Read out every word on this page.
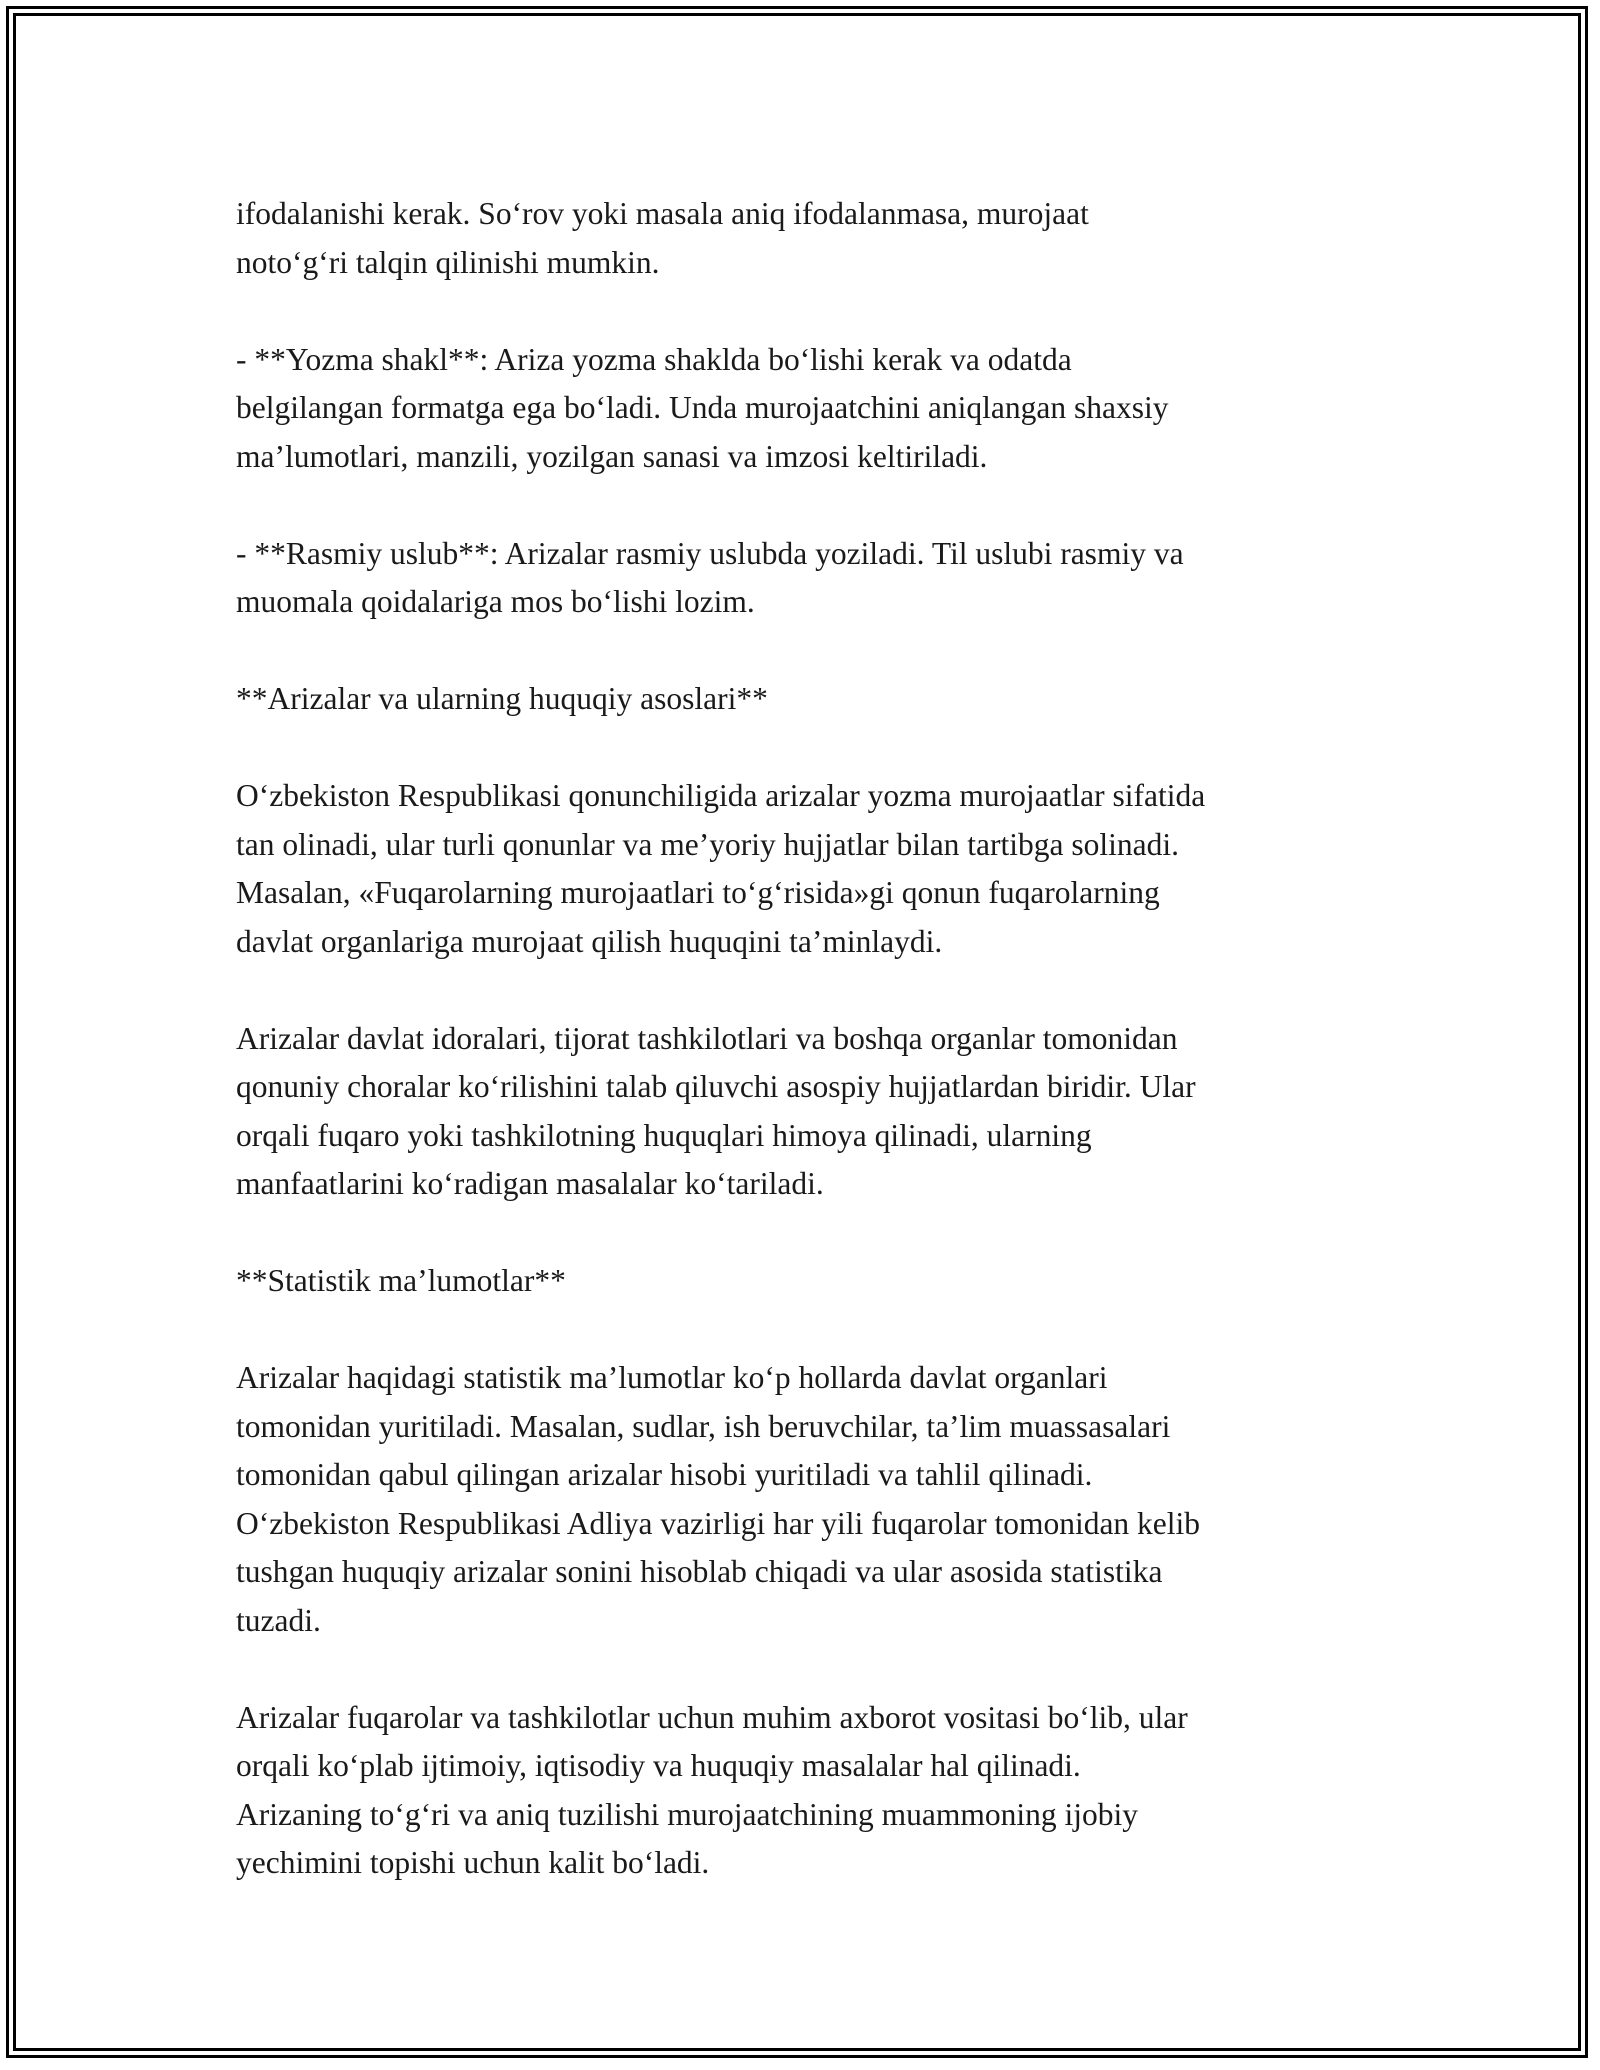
ifodalanishi kerak. So‘rov yoki masala aniq ifodalanmasa, murojaat
noto‘g‘ri talqin qilinishi mumkin.

- **Yozma shakl**: Ariza yozma shaklda bo‘lishi kerak va odatda
belgilangan formatga ega bo‘ladi. Unda murojaatchini aniqlangan shaxsiy
ma’lumotlari, manzili, yozilgan sanasi va imzosi keltiriladi.

- **Rasmiy uslub**: Arizalar rasmiy uslubda yoziladi. Til uslubi rasmiy va
muomala qoidalariga mos bo‘lishi lozim.

**Arizalar va ularning huquqiy asoslari**

O‘zbekiston Respublikasi qonunchiligida arizalar yozma murojaatlar sifatida
tan olinadi, ular turli qonunlar va me’yoriy hujjatlar bilan tartibga solinadi.
Masalan, «Fuqarolarning murojaatlari to‘g‘risida»gi qonun fuqarolarning
davlat organlariga murojaat qilish huquqini ta’minlaydi.

Arizalar davlat idoralari, tijorat tashkilotlari va boshqa organlar tomonidan
qonuniy choralar ko‘rilishini talab qiluvchi asospiy hujjatlardan biridir. Ular
orqali fuqaro yoki tashkilotning huquqlari himoya qilinadi, ularning
manfaatlarini ko‘radigan masalalar ko‘tariladi.

**Statistik ma’lumotlar**

Arizalar haqidagi statistik ma’lumotlar ko‘p hollarda davlat organlari
tomonidan yuritiladi. Masalan, sudlar, ish beruvchilar, ta’lim muassasalari
tomonidan qabul qilingan arizalar hisobi yuritiladi va tahlil qilinadi.
O‘zbekiston Respublikasi Adliya vazirligi har yili fuqarolar tomonidan kelib
tushgan huquqiy arizalar sonini hisoblab chiqadi va ular asosida statistika
tuzadi.

Arizalar fuqarolar va tashkilotlar uchun muhim axborot vositasi bo‘lib, ular
orqali ko‘plab ijtimoiy, iqtisodiy va huquqiy masalalar hal qilinadi.
Arizaning to‘g‘ri va aniq tuzilishi murojaatchining muammoning ijobiy
yechimini topishi uchun kalit bo‘ladi.
